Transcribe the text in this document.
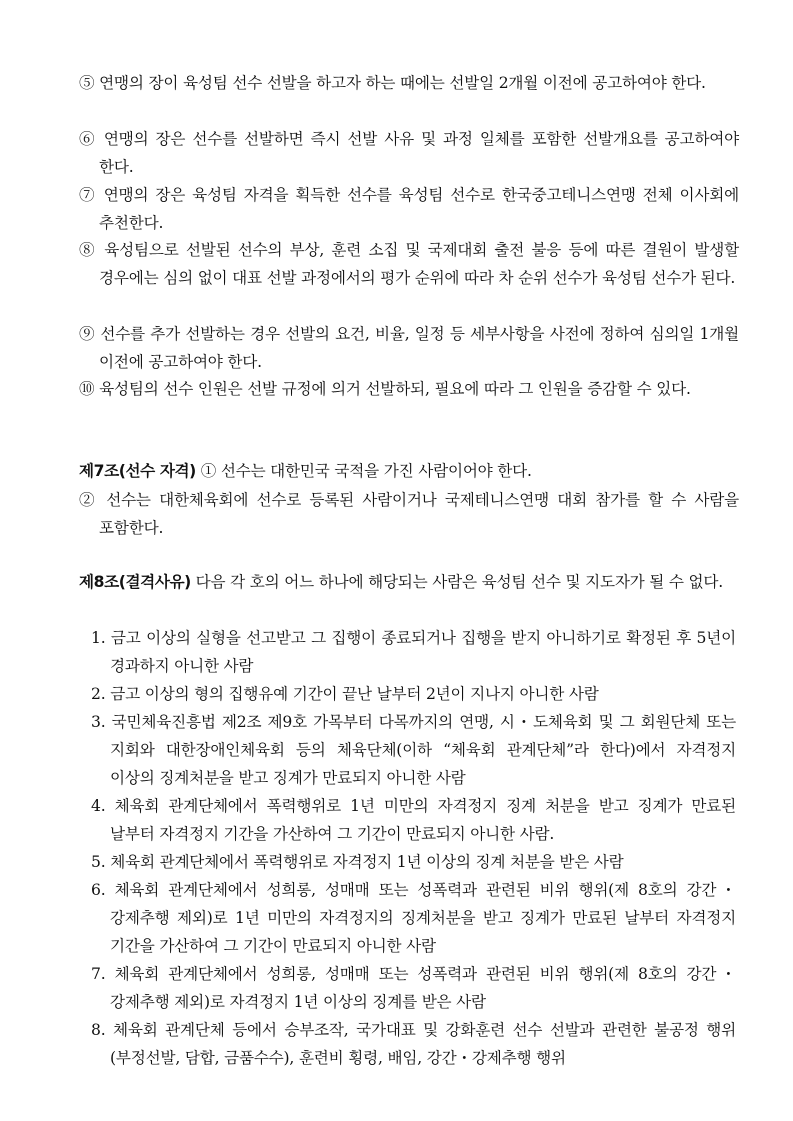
⑤ 연맹의 장이 육성팀 선수 선발을 하고자 하는 때에는 선발일 2개월 이전에 공고하여야 한다.

⑥ 연맹의 장은 선수를 선발하면 즉시 선발 사유 및 과정 일체를 포함한 선발개요를 공고하여야 한다.

⑦ 연맹의 장은 육성팀 자격을 획득한 선수를 육성팀 선수로 한국중고테니스연맹 전체 이사회에 추천한다.

⑧ 육성팀으로 선발된 선수의 부상, 훈련 소집 및 국제대회 출전 불응 등에 따른 결원이 발생할 경우에는 심의 없이 대표 선발 과정에서의 평가 순위에 따라 차 순위 선수가 육성팀 선수가 된다.

⑨ 선수를 추가 선발하는 경우 선발의 요건, 비율, 일정 등 세부사항을 사전에 정하여 심의일 1개월 이전에 공고하여야 한다.

⑩ 육성팀의 선수 인원은 선발 규정에 의거 선발하되, 필요에 따라 그 인원을 증감할 수 있다.

제7조(선수 자격) ① 선수는 대한민국 국적을 가진 사람이어야 한다.

② 선수는 대한체육회에 선수로 등록된 사람이거나 국제테니스연맹 대회 참가를 할 수 사람을 포함한다.

제8조(결격사유) 다음 각 호의 어느 하나에 해당되는 사람은 육성팀 선수 및 지도자가 될 수 없다.

1. 금고 이상의 실형을 선고받고 그 집행이 종료되거나 집행을 받지 아니하기로 확정된 후 5년이 경과하지 아니한 사람

2. 금고 이상의 형의 집행유예 기간이 끝난 날부터 2년이 지나지 아니한 사람

3. 국민체육진흥법 제2조 제9호 가목부터 다목까지의 연맹, 시・도체육회 및 그 회원단체 또는 지회와 대한장애인체육회 등의 체육단체(이하 “체육회 관계단체”라 한다)에서 자격정지 이상의 징계처분을 받고 징계가 만료되지 아니한 사람

4. 체육회 관계단체에서 폭력행위로 1년 미만의 자격정지 징계 처분을 받고 징계가 만료된 날부터 자격정지 기간을 가산하여 그 기간이 만료되지 아니한 사람.

5. 체육회 관계단체에서 폭력행위로 자격정지 1년 이상의 징계 처분을 받은 사람

6. 체육회 관계단체에서 성희롱, 성매매 또는 성폭력과 관련된 비위 행위(제 8호의 강간・강제추행 제외)로 1년 미만의 자격정지의 징계처분을 받고 징계가 만료된 날부터 자격정지 기간을 가산하여 그 기간이 만료되지 아니한 사람

7. 체육회 관계단체에서 성희롱, 성매매 또는 성폭력과 관련된 비위 행위(제 8호의 강간・강제추행 제외)로 자격정지 1년 이상의 징계를 받은 사람

8. 체육회 관계단체 등에서 승부조작, 국가대표 및 강화훈련 선수 선발과 관련한 불공정 행위(부정선발, 담합, 금품수수), 훈련비 횡령, 배임, 강간・강제추행 행위
